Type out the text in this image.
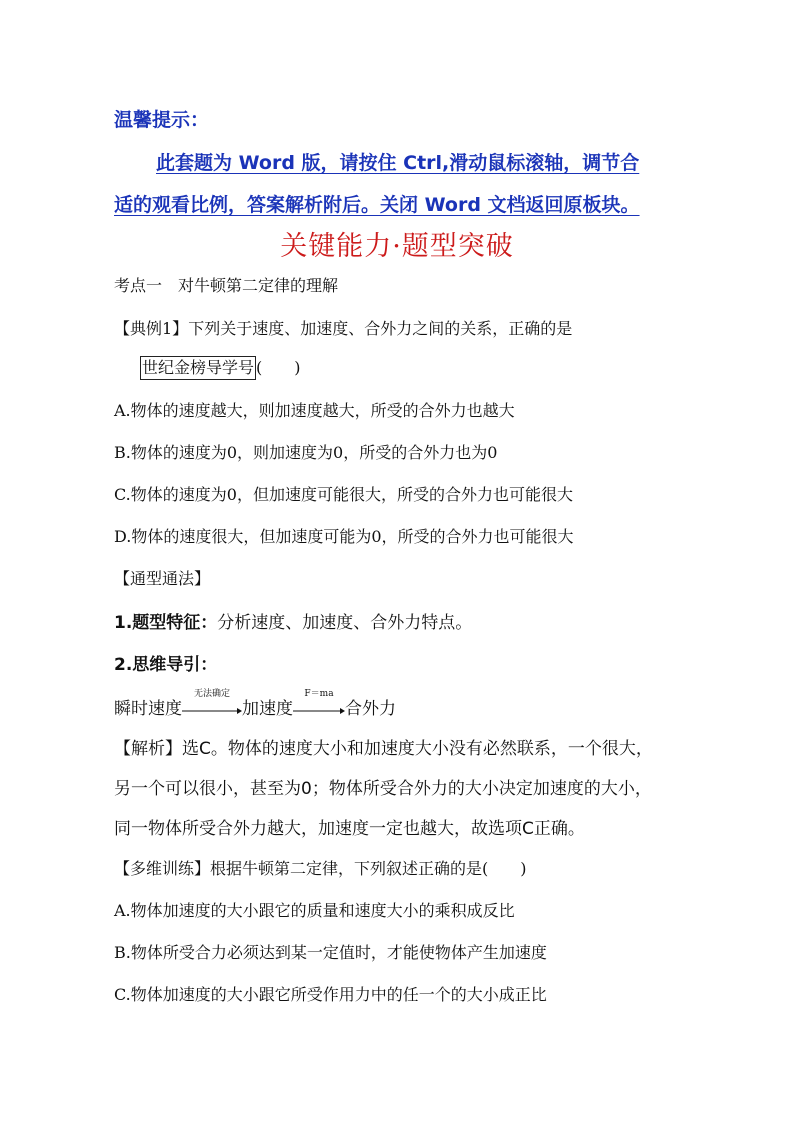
温馨提示：
此套题为 Word 版，请按住 Ctrl,滑动鼠标滚轴，调节合
适的观看比例，答案解析附后。关闭 Word 文档返回原板块。
关键能力·题型突破
考点一　对牛顿第二定律的理解
【典例1】下列关于速度、加速度、合外力之间的关系，正确的是
世纪金榜导学号 (　　)
A.物体的速度越大，则加速度越大，所受的合外力也越大
B.物体的速度为0，则加速度为0，所受的合外力也为0
C.物体的速度为0，但加速度可能很大，所受的合外力也可能很大
D.物体的速度很大，但加速度可能为0，所受的合外力也可能很大
【通型通法】
1.题型特征：分析速度、加速度、合外力特点。
2.思维导引：
瞬时速度
无法确定
加速度
F＝ma
合外力
【解析】选C。物体的速度大小和加速度大小没有必然联系，一个很大，
另一个可以很小，甚至为0；物体所受合外力的大小决定加速度的大小，
同一物体所受合外力越大，加速度一定也越大，故选项C正确。
【多维训练】根据牛顿第二定律，下列叙述正确的是(　　)
A.物体加速度的大小跟它的质量和速度大小的乘积成反比
B.物体所受合力必须达到某一定值时，才能使物体产生加速度
C.物体加速度的大小跟它所受作用力中的任一个的大小成正比
